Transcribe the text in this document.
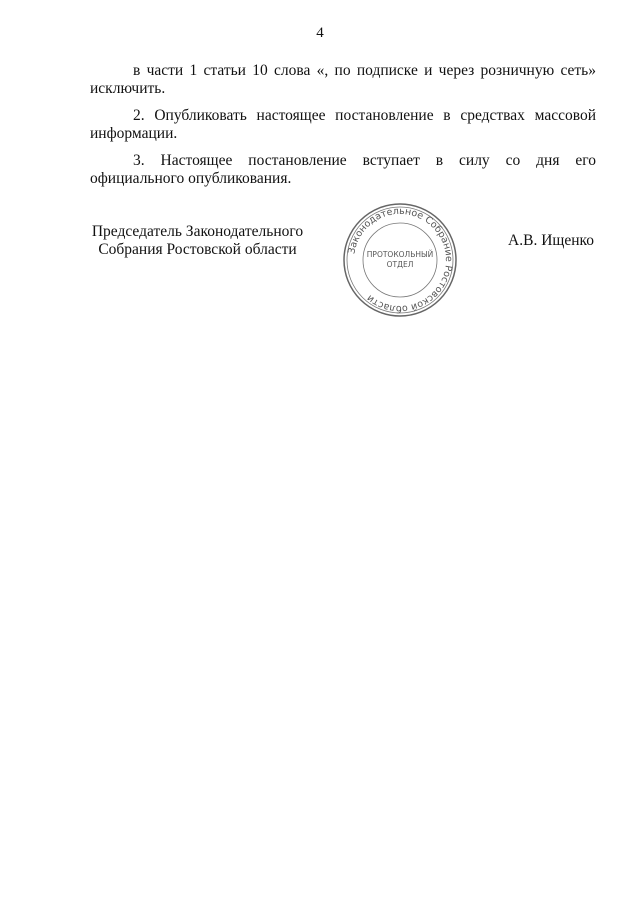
4
в части 1 статьи 10 слова «, по подписке и через розничную сеть» исключить.
2. Опубликовать настоящее постановление в средствах массовой информации.
3. Настоящее постановление вступает в силу со дня его официального опубликования.
Председатель Законодательного
Собрания Ростовской области	Законодательное Собрание Ростовской области
ПРОТОКОЛЬНЫЙ
ОТДЕЛ
А.В. Ищенко
